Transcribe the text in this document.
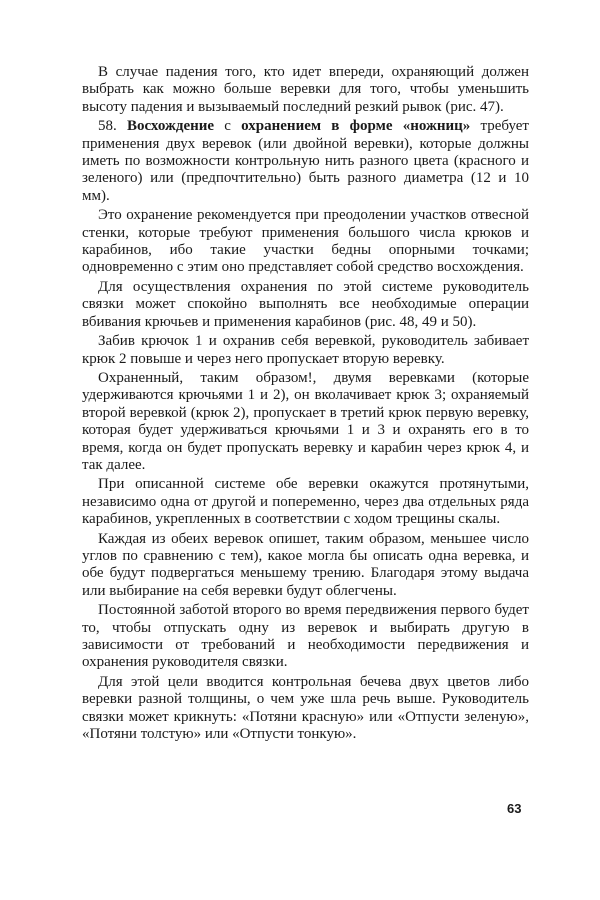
В случае падения того, кто идет впереди, охраняющий должен выбрать как можно больше веревки для того, чтобы уменьшить высоту падения и вызываемый последний резкий рывок (рис. 47).

58. Восхождение с охранением в форме «ножниц» требует применения двух веревок (или двойной веревки), которые должны иметь по возможности контрольную нить разного цвета (красного и зеленого) или (предпочтительно) быть разного диаметра (12 и 10 мм).

Это охранение рекомендуется при преодолении участков отвесной стенки, которые требуют применения большого числа крюков и карабинов, ибо такие участки бедны опорными точками; одновременно с этим оно представляет собой средство восхождения.

Для осуществления охранения по этой системе руководитель связки может спокойно выполнять все необходимые операции вбивания крючьев и применения карабинов (рис. 48, 49 и 50).

Забив крючок 1 и охранив себя веревкой, руководитель забивает крюк 2 повыше и через него пропускает вторую веревку.

Охраненный, таким образом!, двумя веревками (которые удерживаются крючьями 1 и 2), он вколачивает крюк 3; охраняемый второй веревкой (крюк 2), пропускает в третий крюк первую веревку, которая будет удерживаться крючьями 1 и 3 и охранять его в то время, когда он будет пропускать веревку и карабин через крюк 4, и так далее.

При описанной системе обе веревки окажутся протянутыми, независимо одна от другой и попеременно, через два отдельных ряда карабинов, укрепленных в соответствии с ходом трещины скалы.

Каждая из обеих веревок опишет, таким образом, меньшее число углов по сравнению с тем), какое могла бы описать одна веревка, и обе будут подвергаться меньшему трению. Благодаря этому выдача или выбирание на себя веревки будут облегчены.

Постоянной заботой второго во время передвижения первого будет то, чтобы отпускать одну из веревок и выбирать другую в зависимости от требований и необходимости передвижения и охранения руководителя связки.

Для этой цели вводится контрольная бечева двух цветов либо веревки разной толщины, о чем уже шла речь выше. Руководитель связки может крикнуть: «Потяни красную» или «Отпусти зеленую», «Потяни толстую» или «Отпусти тонкую».

63
